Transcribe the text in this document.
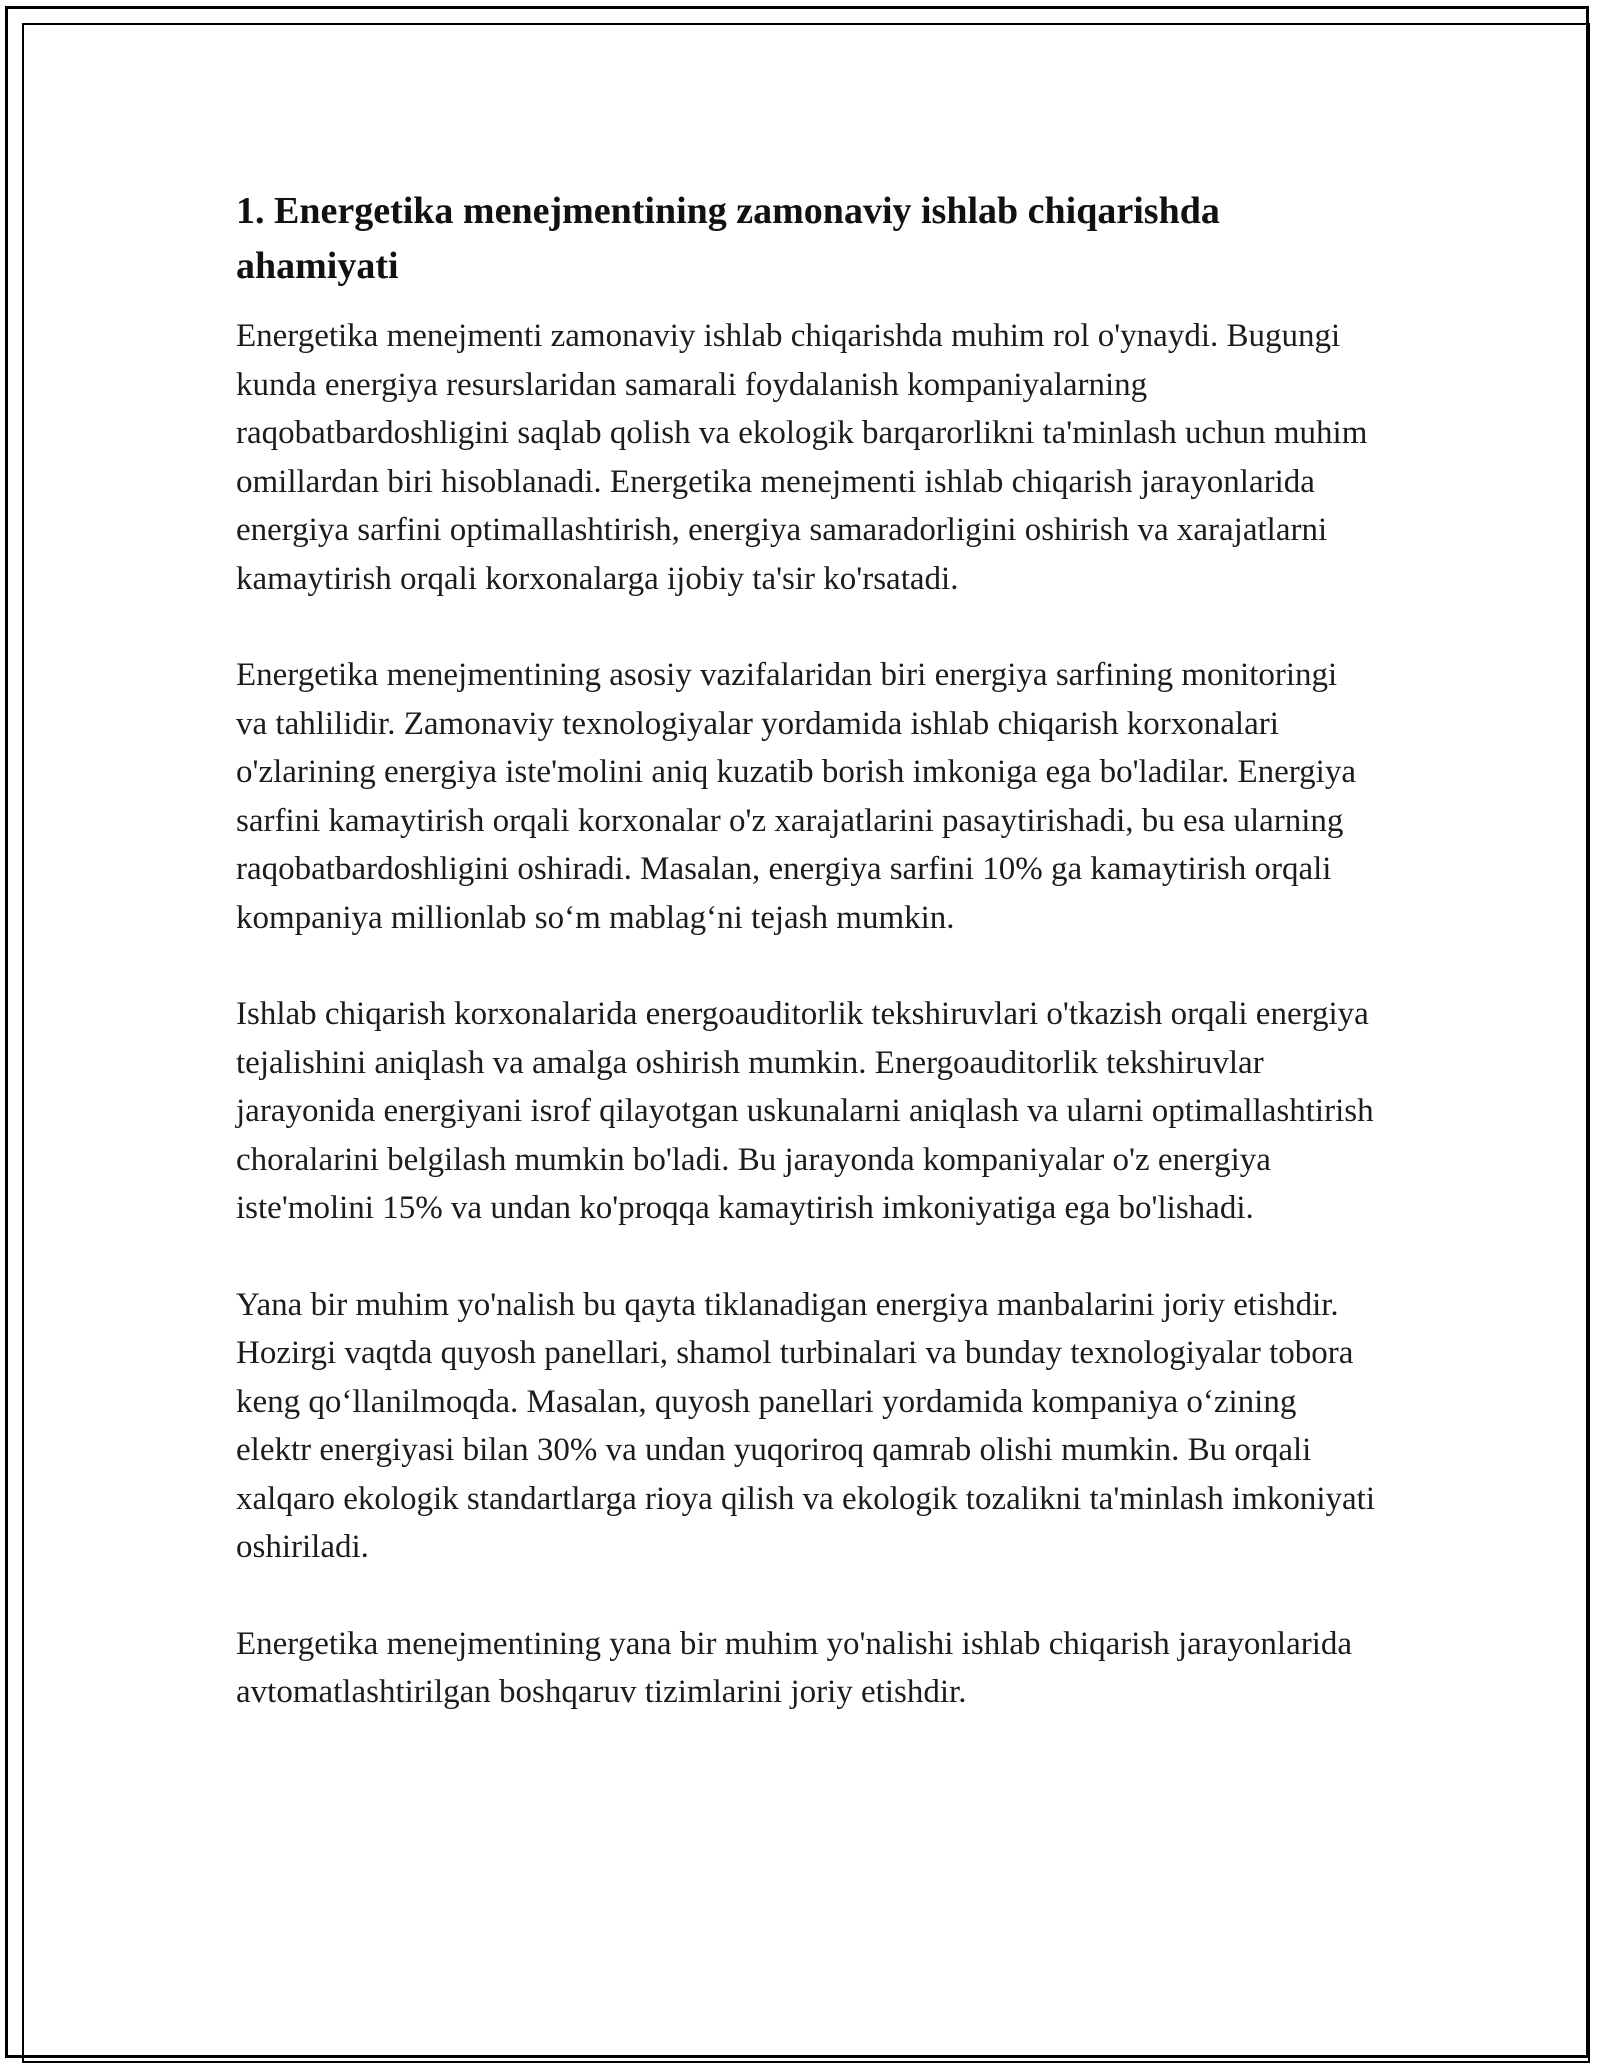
1. Energetika menejmentining zamonaviy ishlab chiqarishda ahamiyati

Energetika menejmenti zamonaviy ishlab chiqarishda muhim rol o'ynaydi. Bugungi kunda energiya resurslaridan samarali foydalanish kompaniyalarning raqobatbardoshligini saqlab qolish va ekologik barqarorlikni ta'minlash uchun muhim omillardan biri hisoblanadi. Energetika menejmenti ishlab chiqarish jarayonlarida energiya sarfini optimallashtirish, energiya samaradorligini oshirish va xarajatlarni kamaytirish orqali korxonalarga ijobiy ta'sir ko'rsatadi.

Energetika menejmentining asosiy vazifalaridan biri energiya sarfining monitoringi va tahlilidir. Zamonaviy texnologiyalar yordamida ishlab chiqarish korxonalari o'zlarining energiya iste'molini aniq kuzatib borish imkoniga ega bo'ladilar. Energiya sarfini kamaytirish orqali korxonalar o'z xarajatlarini pasaytirishadi, bu esa ularning raqobatbardoshligini oshiradi. Masalan, energiya sarfini 10% ga kamaytirish orqali kompaniya millionlab so‘m mablag‘ni tejash mumkin.

Ishlab chiqarish korxonalarida energoauditorlik tekshiruvlari o'tkazish orqali energiya tejalishini aniqlash va amalga oshirish mumkin. Energoauditorlik tekshiruvlar jarayonida energiyani isrof qilayotgan uskunalarni aniqlash va ularni optimallashtirish choralarini belgilash mumkin bo'ladi. Bu jarayonda kompaniyalar o'z energiya iste'molini 15% va undan ko'proqqa kamaytirish imkoniyatiga ega bo'lishadi.

Yana bir muhim yo'nalish bu qayta tiklanadigan energiya manbalarini joriy etishdir. Hozirgi vaqtda quyosh panellari, shamol turbinalari va bunday texnologiyalar tobora keng qo‘llanilmoqda. Masalan, quyosh panellari yordamida kompaniya o‘zining elektr energiyasi bilan 30% va undan yuqoriroq qamrab olishi mumkin. Bu orqali xalqaro ekologik standartlarga rioya qilish va ekologik tozalikni ta'minlash imkoniyati oshiriladi.

Energetika menejmentining yana bir muhim yo'nalishi ishlab chiqarish jarayonlarida avtomatlashtirilgan boshqaruv tizimlarini joriy etishdir.
